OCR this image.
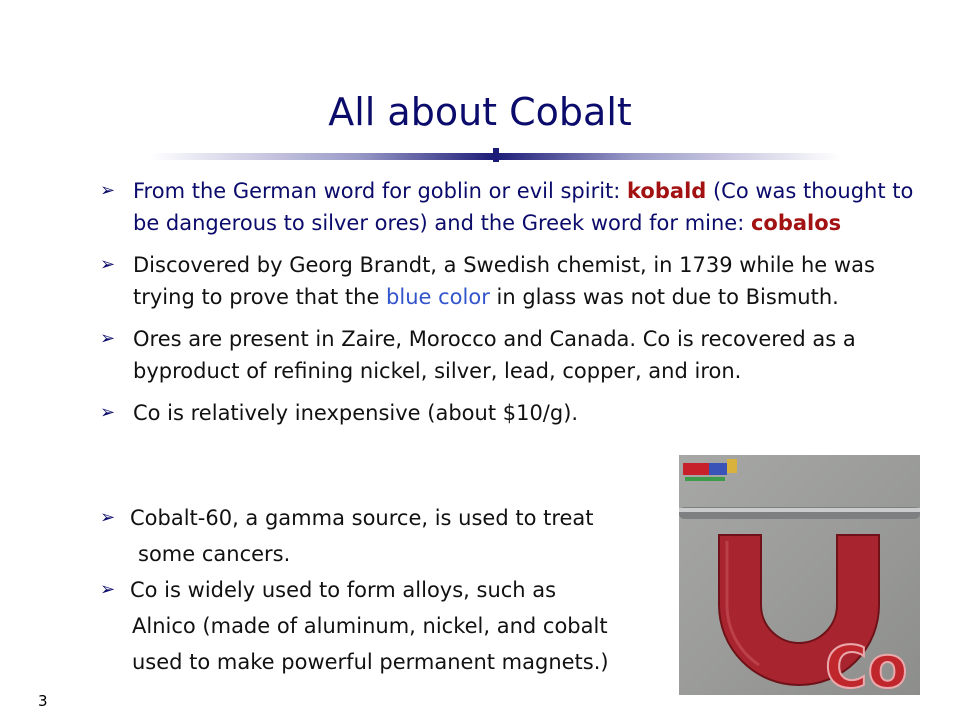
All about Cobalt
➢ From the German word for goblin or evil spirit: kobald (Co was thought to be dangerous to silver ores) and the Greek word for mine: cobalos
➢ Discovered by Georg Brandt, a Swedish chemist, in 1739 while he was trying to prove that the blue color in glass was not due to Bismuth.
➢ Ores are present in Zaire, Morocco and Canada. Co is recovered as a byproduct of refining nickel, silver, lead, copper, and iron.
➢ Co is relatively inexpensive (about $10/g).
➢ Cobalt-60, a gamma source, is used to treat
some cancers.
➢ Co is widely used to form alloys, such as
Alnico (made of aluminum, nickel, and cobalt
used to make powerful permanent magnets.)	Co
3
